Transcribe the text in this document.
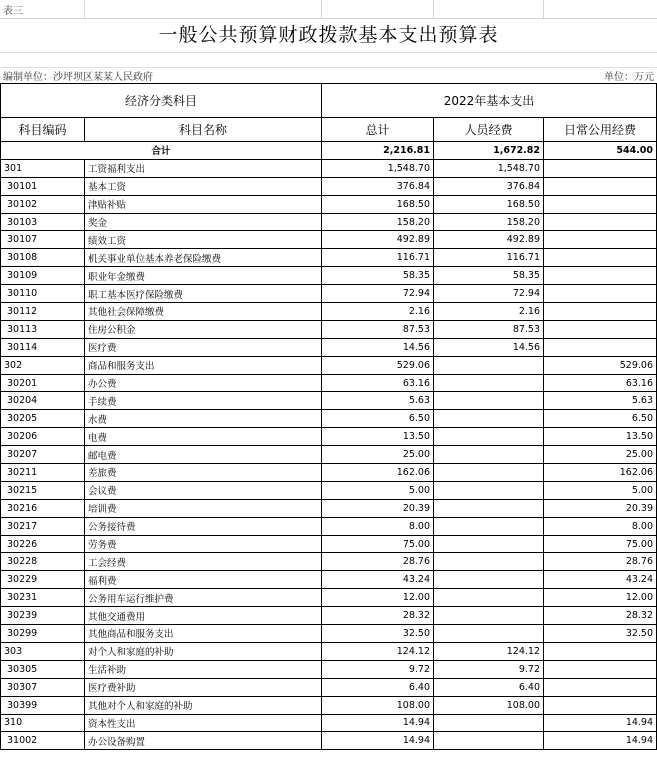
表三
一般公共预算财政拨款基本支出预算表
编制单位：沙坪坝区某某人民政府	单位：万元
经济分类科目		2022年基本支出		
科目编码	科目名称	总计	人员经费	日常公用经费
合计		2,216.81	1,672.82	544.00
301	工资福利支出	1,548.70	1,548.70	
30101	基本工资	376.84	376.84	
30102	津贴补贴	168.50	168.50	
30103	奖金	158.20	158.20	
30107	绩效工资	492.89	492.89	
30108	机关事业单位基本养老保险缴费	116.71	116.71	
30109	职业年金缴费	58.35	58.35	
30110	职工基本医疗保险缴费	72.94	72.94	
30112	其他社会保障缴费	2.16	2.16	
30113	住房公积金	87.53	87.53	
30114	医疗费	14.56	14.56	
302	商品和服务支出	529.06		529.06
30201	办公费	63.16		63.16
30204	手续费	5.63		5.63
30205	水费	6.50		6.50
30206	电费	13.50		13.50
30207	邮电费	25.00		25.00
30211	差旅费	162.06		162.06
30215	会议费	5.00		5.00
30216	培训费	20.39		20.39
30217	公务接待费	8.00		8.00
30226	劳务费	75.00		75.00
30228	工会经费	28.76		28.76
30229	福利费	43.24		43.24
30231	公务用车运行维护费	12.00		12.00
30239	其他交通费用	28.32		28.32
30299	其他商品和服务支出	32.50		32.50
303	对个人和家庭的补助	124.12	124.12	
30305	生活补助	9.72	9.72	
30307	医疗费补助	6.40	6.40	
30399	其他对个人和家庭的补助	108.00	108.00	
310	资本性支出	14.94		14.94
31002	办公设备购置	14.94		14.94
